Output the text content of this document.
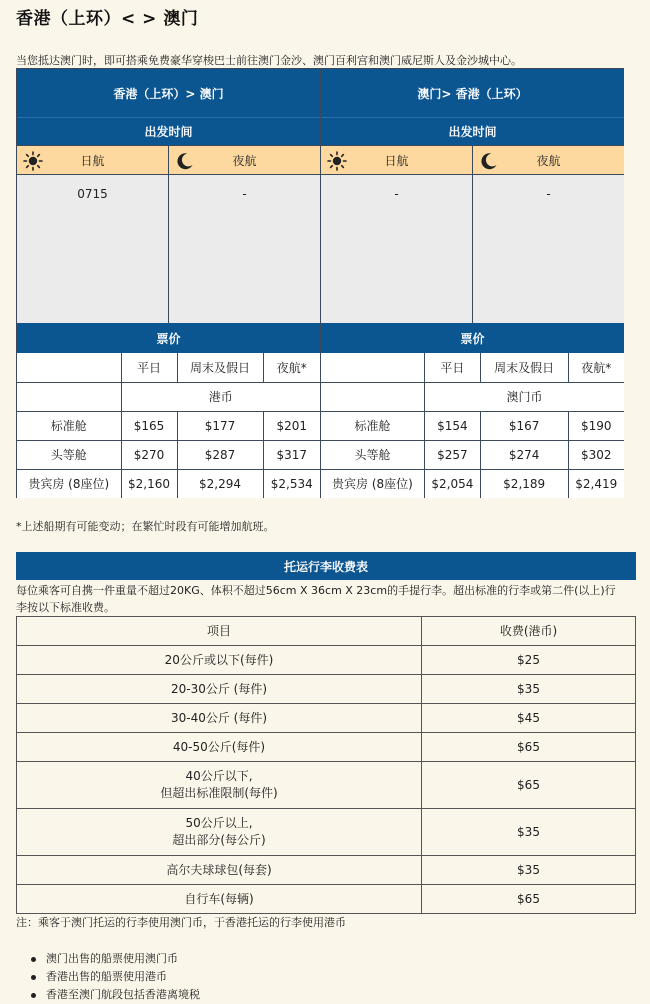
香港（上环）< > 澳门
当您抵达澳门时，即可搭乘免费豪华穿梭巴士前往澳门金沙、澳门百利宫和澳门威尼斯人及金沙城中心。
香港（上环）> 澳门
出发时间
日航	夜航
0715	-
票价
	平日	周末及假日	夜航*
	港币		
标准舱	$165	$177	$201
头等舱	$270	$287	$317
贵宾房 (8座位)	$2,160	$2,294	$2,534
澳门> 香港（上环）
出发时间
日航	夜航
-	-
票价
	平日	周末及假日	夜航*
	澳门币		
标准舱	$154	$167	$190
头等舱	$257	$274	$302
贵宾房 (8座位)	$2,054	$2,189	$2,419
*上述船期有可能变动；在繁忙时段有可能增加航班。
托运行李收费表
每位乘客可自携一件重量不超过20KG、体积不超过56cm X 36cm X 23cm的手提行李。超出标准的行李或第二件(以上)行李按以下标准收费。
项目	收费(港币)
20公斤或以下(每件)	$25
20-30公斤 (每件)	$35
30-40公斤 (每件)	$45
40-50公斤(每件)	$65

40公斤以下,
但超出标准限制(每件)	$65

50公斤以上,
超出部分(每公斤)	$35
高尔夫球球包(每套)	$35
自行车(每辆)	$65
注：乘客于澳门托运的行李使用澳门币，于香港托运的行李使用港币
澳门出售的船票使用澳门币
香港出售的船票使用港币
香港至澳门航段包括香港离境税
